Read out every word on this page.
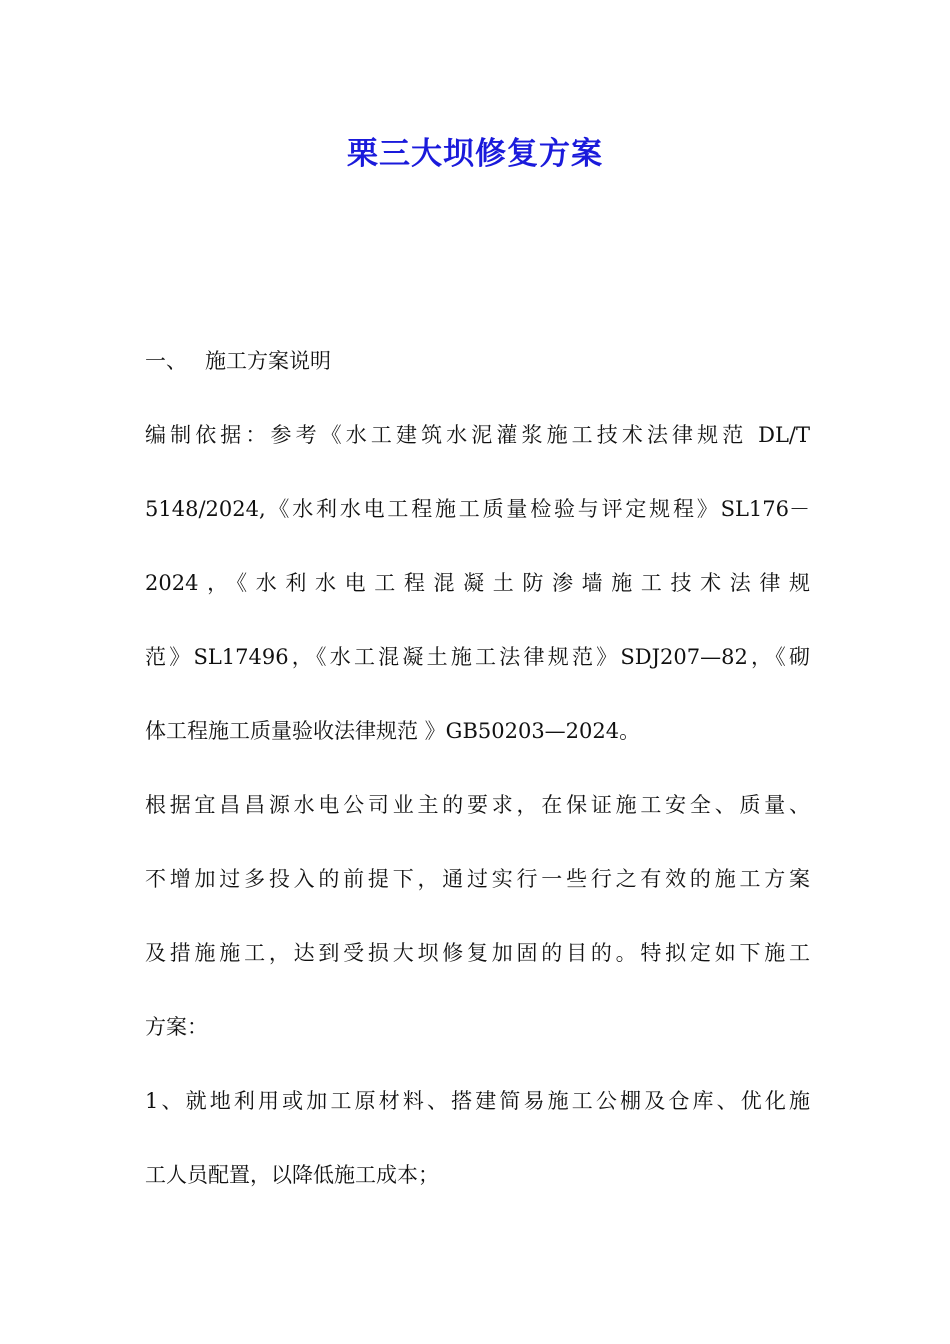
栗三大坝修复方案
一、 施工方案说明
编制依据：参考《水工建筑水泥灌浆施工技术法律规范 DL/T
5148/2024,《水利水电工程施工质量检验与评定规程》SL176－
2024，《水利水电工程混凝土防渗墙施工技术法律规
范》SL17496，《水工混凝土施工法律规范》SDJ207—82，《砌
体工程施工质量验收法律规范 》GB50203—2024。
根据宜昌昌源水电公司业主的要求，在保证施工安全、质量、
不增加过多投入的前提下，通过实行一些行之有效的施工方案
及措施施工，达到受损大坝修复加固的目的。特拟定如下施工
方案：
1、就地利用或加工原材料、搭建简易施工公棚及仓库、优化施
工人员配置，以降低施工成本；
